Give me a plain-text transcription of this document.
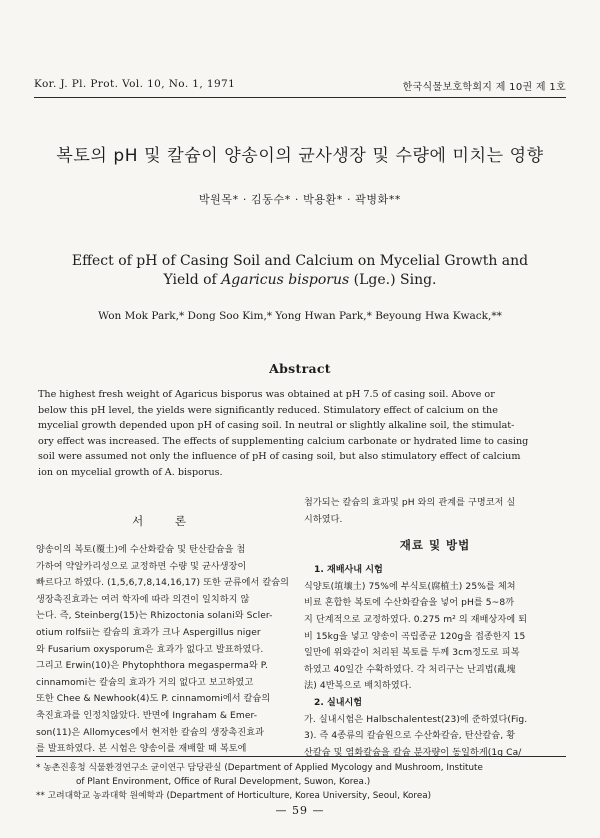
Kor. J. Pl. Prot. Vol. 10, No. 1, 1971	한국식물보호학회지 제 10권 제 1호
복토의 pH 및 칼슘이 양송이의 균사생장 및 수량에 미치는 영향
박원목* · 김동수* · 박용환* · 곽병화**
Effect of pH of Casing Soil and Calcium on Mycelial Growth and
Yield of Agaricus bisporus (Lge.) Sing.
Won Mok Park,* Dong Soo Kim,* Yong Hwan Park,* Beyoung Hwa Kwack,**
Abstract
The highest fresh weight of Agaricus bisporus was obtained at pH 7.5 of casing soil. Above or
below this pH level, the yields were significantly reduced. Stimulatory effect of calcium on the
mycelial growth depended upon pH of casing soil. In neutral or slightly alkaline soil, the stimulat-
ory effect was increased. The effects of supplementing calcium carbonate or hydrated lime to casing
soil were assumed not only the influence of pH of casing soil, but also stimulatory effect of calcium
ion on mycelial growth of A. bisporus.
서 론
양송이의 복토(覆土)에 수산화칼슘 및 탄산칼슘을 첨
가하여 약알카리성으로 교정하면 수량 및 균사생장이
빠르다고 하였다. (1,5,6,7,8,14,16,17) 또한 균류에서 칼슘의
생장촉진효과는 여러 학자에 따라 의견이 일치하지 않
는다. 즉, Steinberg(15)는 Rhizoctonia solani와 Scler-
otium rolfsii는 칼슘의 효과가 크나 Aspergillus niger
와 Fusarium oxysporum은 효과가 없다고 발표하였다.
그리고 Erwin(10)은 Phytophthora megasperma와 P.
cinnamomi는 칼슘의 효과가 거의 없다고 보고하였고
또한 Chee & Newhook(4)도 P. cinnamomi에서 칼슘의
축진효과를 인정치않았다. 반면에 Ingraham & Emer-
son(11)은 Allomyces에서 현저한 칼슘의 생장촉진효과
를 발표하였다. 본 시험은 양송이를 재배할 때 복토에
첨가되는 칼슘의 효과및 pH 와의 관계를 구명코저 실
시하였다.
재료 및 방법
1. 재배사내 시험
식양토(埴壤土) 75%에 부식토(腐植土) 25%를 체쳐
비료 혼합한 복토에 수산화칼슘을 넣어 pH를 5~8까
지 단계적으로 교정하였다. 0.275 m² 의 재배상자에 퇴
비 15kg을 넣고 양송이 곡립종균 120g을 접종한지 15
일만에 위와같이 처리된 복토를 두께 3cm정도로 피복
하였고 40일간 수확하였다. 각 처리구는 난괴법(亂塊
法) 4반복으로 배치하였다.
2. 실내시험
가. 실내시험은 Halbschalentest(23)에 준하였다(Fig.
3). 즉 4종류의 칼슘원으로 수산화칼슘, 탄산칼슘, 황
산칼슘 및 염화칼슘을 칼슘 분자량이 동일하게(1g Ca/
* 농촌진흥청 식물환경연구소 균이연구 담당관실 (Department of Applied Mycology and Mushroom, Institute
of Plant Environment, Office of Rural Development, Suwon, Korea.)
** 고려대학교 농과대학 원예학과 (Department of Horticulture, Korea University, Seoul, Korea)
— 59 —
